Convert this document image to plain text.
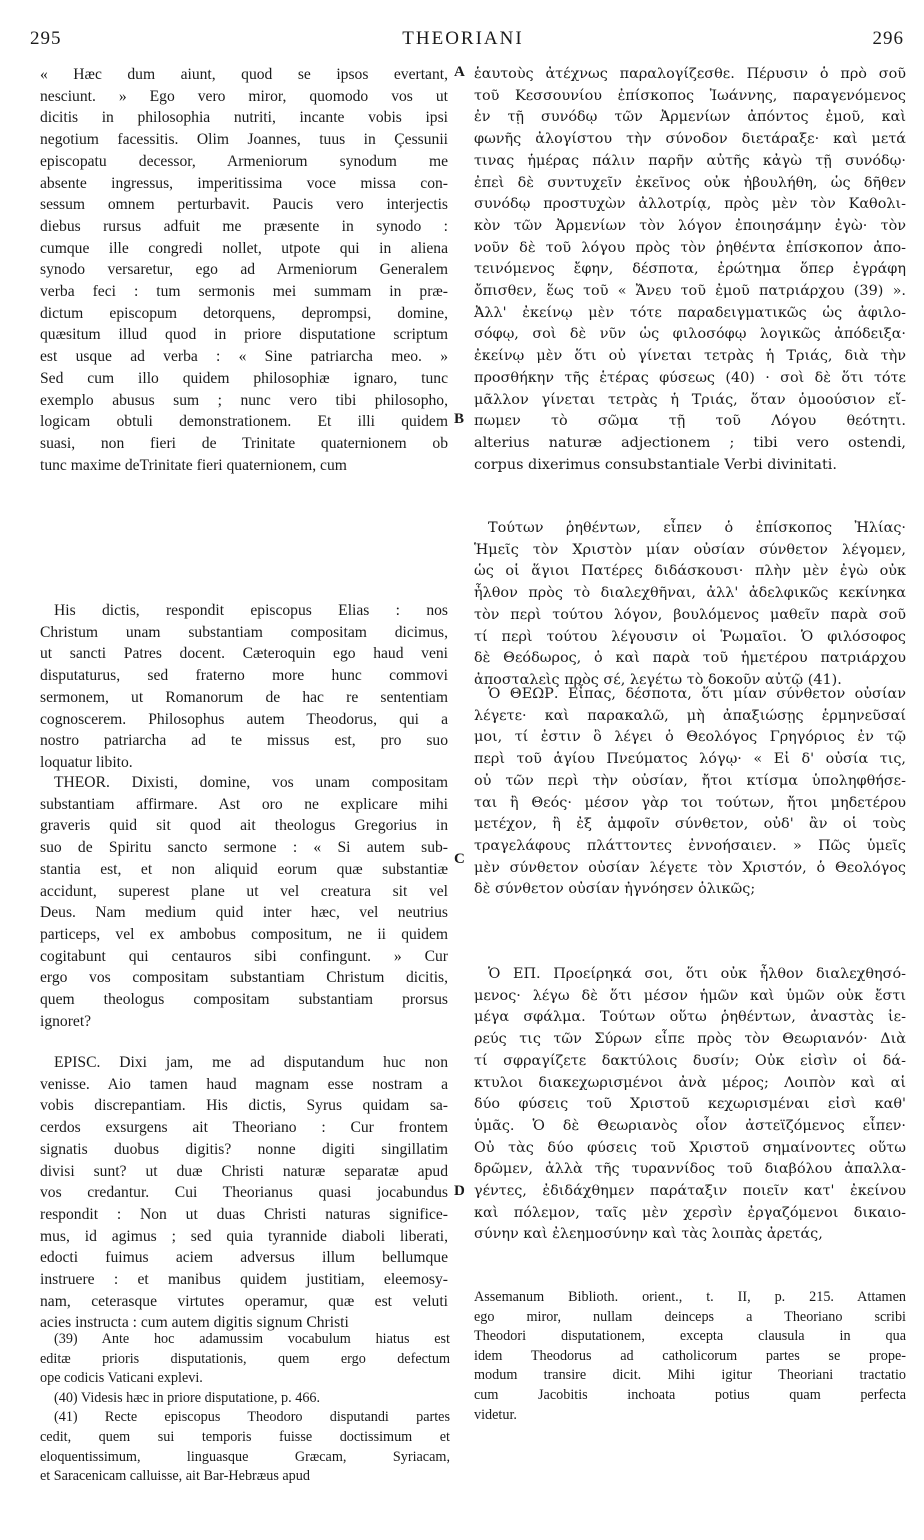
295	THEORIANI	296
A
B
C
D

« Hæc dum aiunt, quod se ipsos evertant,
nesciunt. » Ego vero miror, quomodo vos ut
dicitis in philosophia nutriti, incante vobis ipsi
negotium facessitis. Olim Joannes, tuus in Çessunii
episcopatu decessor, Armeniorum synodum me
absente ingressus, imperitissima voce missa con-
sessum omnem perturbavit. Paucis vero interjectis
diebus rursus adfuit me præsente in synodo :
cumque ille congredi nollet, utpote qui in aliena
synodo versaretur, ego ad Armeniorum Generalem
verba feci : tum sermonis mei summam in præ-
dictum episcopum detorquens, deprompsi, domine,
quæsitum illud quod in priore disputatione scriptum
est usque ad verba : « Sine patriarcha meo. »
Sed cum illo quidem philosophiæ ignaro, tunc
exemplo abusus sum ; nunc vero tibi philosopho,
logicam obtuli demonstrationem. Et illi quidem
suasi, non fieri de Trinitate quaternionem ob
tunc maxime deTrinitate fieri quaternionem, cum

His dictis, respondit episcopus Elias : nos
Christum unam substantiam compositam dicimus,
ut sancti Patres docent. Cæteroquin ego haud veni
disputaturus, sed fraterno more hunc commovi
sermonem, ut Romanorum de hac re sententiam
cognoscerem. Philosophus autem Theodorus, qui a
nostro patriarcha ad te missus est, pro suo
loquatur libito.

THEOR. Dixisti, domine, vos unam compositam
substantiam affirmare. Ast oro ne explicare mihi
graveris quid sit quod ait theologus Gregorius in
suo de Spiritu sancto sermone : « Si autem sub-
stantia est, et non aliquid eorum quæ substantiæ
accidunt, superest plane ut vel creatura sit vel
Deus. Nam medium quid inter hæc, vel neutrius
particeps, vel ex ambobus compositum, ne ii quidem
cogitabunt qui centauros sibi confingunt. » Cur
ergo vos compositam substantiam Christum dicitis,
quem theologus compositam substantiam prorsus
ignoret?

EPISC. Dixi jam, me ad disputandum huc non
venisse. Aio tamen haud magnam esse nostram a
vobis discrepantiam. His dictis, Syrus quidam sa-
cerdos exsurgens ait Theoriano : Cur frontem
signatis duobus digitis? nonne digiti singillatim
divisi sunt? ut duæ Christi naturæ separatæ apud
vos credantur. Cui Theorianus quasi jocabundus
respondit : Non ut duas Christi naturas significe-
mus, id agimus ; sed quia tyrannide diaboli liberati,
edocti fuimus aciem adversus illum bellumque
instruere : et manibus quidem justitiam, eleemosy-
nam, ceterasque virtutes operamur, quæ est veluti
acies instructa : cum autem digitis signum Christi

ἑαυτοὺς ἀτέχνως παραλογίζεσθε. Πέρυσιν ὁ πρὸ σοῦ
τοῦ Κεσσουνίου ἐπίσκοπος Ἰωάννης, παραγενόμενος
ἐν τῇ συνόδῳ τῶν Ἀρμενίων ἀπόντος ἐμοῦ, καὶ
φωνῆς ἀλογίστου τὴν σύνοδον διετάραξε· καὶ μετά
τινας ἡμέρας πάλιν παρῆν αὐτῆς κἀγὼ τῇ συνόδῳ·
ἐπεὶ δὲ συντυχεῖν ἐκεῖνος οὐκ ἠβουλήθη, ὡς δῆθεν
συνόδῳ προστυχὼν ἀλλοτρίᾳ, πρὸς μὲν τὸν Καθολι-
κὸν τῶν Ἀρμενίων τὸν λόγον ἐποιησάμην ἐγὼ· τὸν
νοῦν δὲ τοῦ λόγου πρὸς τὸν ῥηθέντα ἐπίσκοπον ἀπο-
τεινόμενος ἔφην, δέσποτα, ἐρώτημα ὅπερ ἐγράφη
ὄπισθεν, ἕως τοῦ « Ἄνευ τοῦ ἐμοῦ πατριάρχου (39) ».
Ἀλλ' ἐκείνῳ μὲν τότε παραδειγματικῶς ὡς ἀφιλο-
σόφῳ, σοὶ δὲ νῦν ὡς φιλοσόφῳ λογικῶς ἀπόδειξα·
ἐκείνῳ μὲν ὅτι οὐ γίνεται τετρὰς ἡ Τριάς, διὰ τὴν
προσθήκην τῆς ἑτέρας φύσεως (40) · σοὶ δὲ ὅτι τότε
μᾶλλον γίνεται τετρὰς ἡ Τριάς, ὅταν ὁμοούσιον εἴ-
πωμεν τὸ σῶμα τῇ τοῦ Λόγου θεότητι.
alterius naturæ adjectionem ; tibi vero ostendi,
corpus dixerimus consubstantiale Verbi divinitati.

Τούτων ῥηθέντων, εἶπεν ὁ ἐπίσκοπος Ἠλίας·
Ἡμεῖς τὸν Χριστὸν μίαν οὐσίαν σύνθετον λέγομεν,
ὡς οἱ ἅγιοι Πατέρες διδάσκουσι· πλὴν μὲν ἐγὼ οὐκ
ἦλθον πρὸς τὸ διαλεχθῆναι, ἀλλ' ἀδελφικῶς κεκίνηκα
τὸν περὶ τούτου λόγον, βουλόμενος μαθεῖν παρὰ σοῦ
τί περὶ τούτου λέγουσιν οἱ Ῥωμαῖοι. Ὁ φιλόσοφος
δὲ Θεόδωρος, ὁ καὶ παρὰ τοῦ ἡμετέρου πατριάρχου
ἀποσταλεὶς πρὸς σέ, λεγέτω τὸ δοκοῦν αὐτῷ (41).

Ὁ ΘΕΩΡ. Εἶπας, δέσποτα, ὅτι μίαν σύνθετον οὐσίαν
λέγετε· καὶ παρακαλῶ, μὴ ἀπαξιώσῃς ἑρμηνεῦσαί
μοι, τί ἐστιν ὃ λέγει ὁ Θεολόγος Γρηγόριος ἐν τῷ
περὶ τοῦ ἁγίου Πνεύματος λόγῳ· « Εἰ δ' οὐσία τις,
οὐ τῶν περὶ τὴν οὐσίαν, ἤτοι κτίσμα ὑποληφθήσε-
ται ἢ Θεός· μέσον γὰρ τοι τούτων, ἤτοι μηδετέρου
μετέχον, ἢ ἐξ ἀμφοῖν σύνθετον, οὐδ' ἂν οἱ τοὺς
τραγελάφους πλάττοντες ἐννοήσαιεν. » Πῶς ὑμεῖς
μὲν σύνθετον οὐσίαν λέγετε τὸν Χριστόν, ὁ Θεολόγος
δὲ σύνθετον οὐσίαν ἠγνόησεν ὁλικῶς;

Ὁ ΕΠ. Προείρηκά σοι, ὅτι οὐκ ἦλθον διαλεχθησό-
μενος· λέγω δὲ ὅτι μέσον ἡμῶν καὶ ὑμῶν οὐκ ἔστι
μέγα σφάλμα. Τούτων οὕτω ῥηθέντων, ἀναστὰς ἱε-
ρεύς τις τῶν Σύρων εἶπε πρὸς τὸν Θεωριανόν· Διὰ
τί σφραγίζετε δακτύλοις δυσίν; Οὐκ εἰσὶν οἱ δά-
κτυλοι διακεχωρισμένοι ἀνὰ μέρος; Λοιπὸν καὶ αἱ
δύο φύσεις τοῦ Χριστοῦ κεχωρισμέναι εἰσὶ καθ'
ὑμᾶς. Ὁ δὲ Θεωριανὸς οἷον ἀστεϊζόμενος εἶπεν·
Οὐ τὰς δύο φύσεις τοῦ Χριστοῦ σημαίνοντες οὕτω
δρῶμεν, ἀλλὰ τῆς τυραννίδος τοῦ διαβόλου ἀπαλλα-
γέντες, ἐδιδάχθημεν παράταξιν ποιεῖν κατ' ἐκείνου
καὶ πόλεμον, ταῖς μὲν χερσὶν ἐργαζόμενοι δικαιο-
σύνην καὶ ἐλεημοσύνην καὶ τὰς λοιπὰς ἀρετάς,

(39) Ante hoc adamussim vocabulum hiatus est
editæ prioris disputationis, quem ergo defectum
ope codicis Vaticani explevi.

(40) Videsis hæc in priore disputatione, p. 466.

(41) Recte episcopus Theodoro disputandi partes
cedit, quem sui temporis fuisse doctissimum et
eloquentissimum, linguasque Græcam, Syriacam,
et Saracenicam calluisse, ait Bar-Hebræus apud

Assemanum Biblioth. orient., t. II, p. 215. Attamen
ego miror, nullam deinceps a Theoriano scribi
Theodori disputationem, excepta clausula in qua
idem Theodorus ad catholicorum partes se prope-
modum transire dicit. Mihi igitur Theoriani tractatio
cum Jacobitis inchoata potius quam perfecta
videtur.
